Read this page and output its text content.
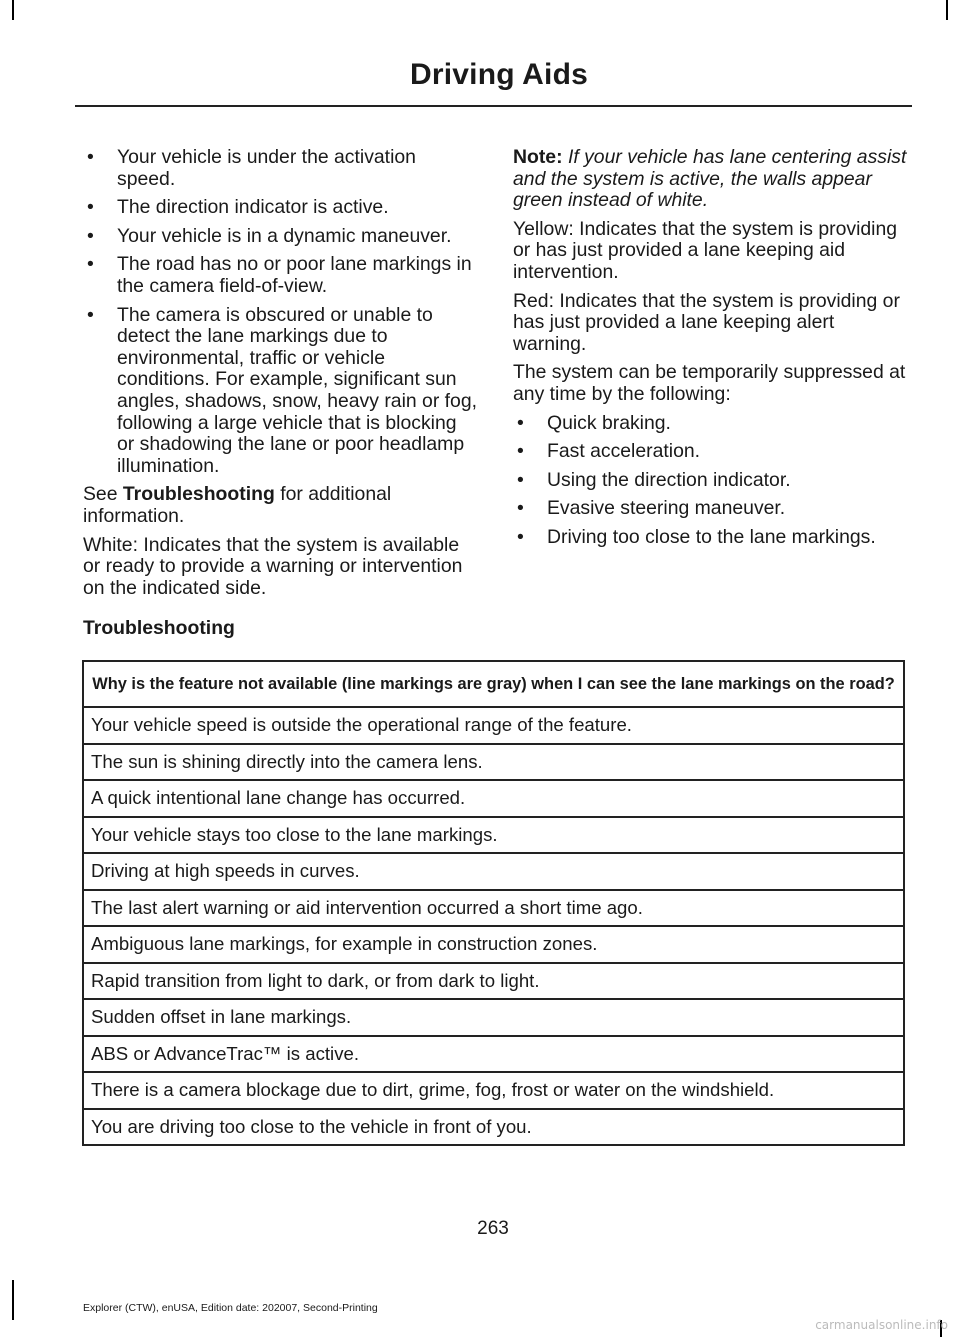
Driving Aids
• Your vehicle is under the activation speed.
• The direction indicator is active.
• Your vehicle is in a dynamic maneuver.
• The road has no or poor lane markings in the camera field-of-view.
• The camera is obscured or unable to detect the lane markings due to environmental, traffic or vehicle conditions. For example, significant sun angles, shadows, snow, heavy rain or fog, following a large vehicle that is blocking or shadowing the lane or poor headlamp illumination.

See Troubleshooting for additional information.

White: Indicates that the system is available or ready to provide a warning or intervention on the indicated side.

Note: If your vehicle has lane centering assist and the system is active, the walls appear green instead of white.

Yellow: Indicates that the system is providing or has just provided a lane keeping aid intervention.

Red: Indicates that the system is providing or has just provided a lane keeping alert warning.

The system can be temporarily suppressed at any time by the following:

• Quick braking.
• Fast acceleration.
• Using the direction indicator.
• Evasive steering maneuver.
• Driving too close to the lane markings.
Troubleshooting
Why is the feature not available (line markings are gray) when I can see the lane markings on the road?
Your vehicle speed is outside the operational range of the feature.
The sun is shining directly into the camera lens.
A quick intentional lane change has occurred.
Your vehicle stays too close to the lane markings.
Driving at high speeds in curves.
The last alert warning or aid intervention occurred a short time ago.
Ambiguous lane markings, for example in construction zones.
Rapid transition from light to dark, or from dark to light.
Sudden offset in lane markings.
ABS or AdvanceTrac™ is active.
There is a camera blockage due to dirt, grime, fog, frost or water on the windshield.
You are driving too close to the vehicle in front of you.
263
Explorer (CTW), enUSA, Edition date: 202007, Second-Printing
carmanualsonline.info
